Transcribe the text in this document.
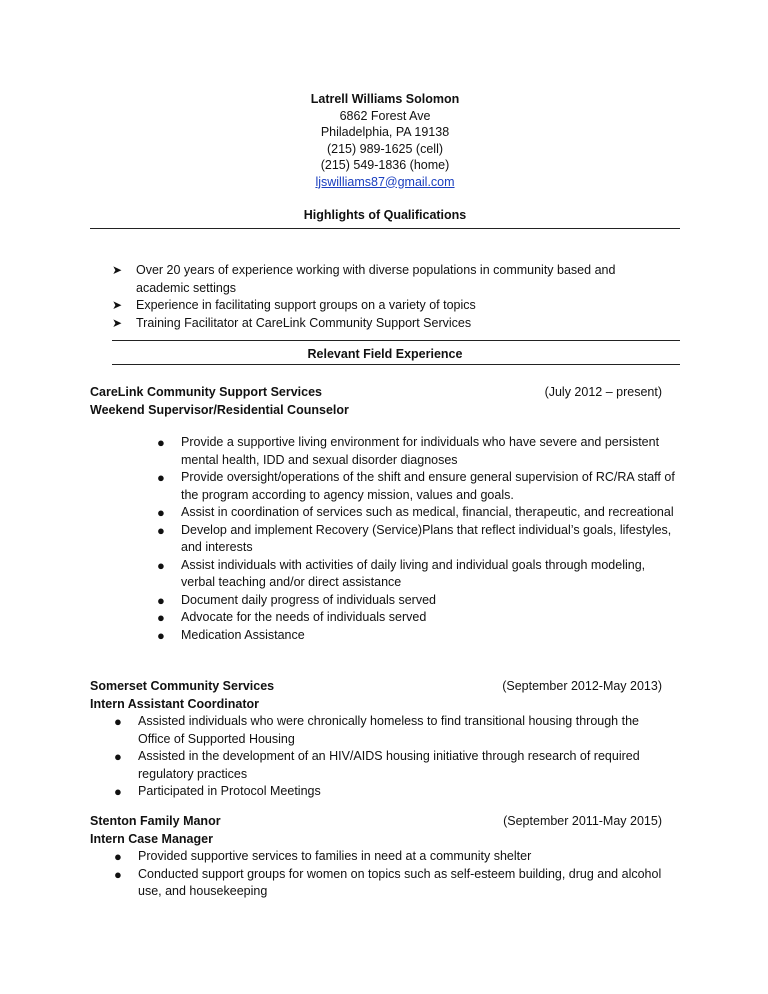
Latrell Williams Solomon
6862 Forest Ave
Philadelphia, PA 19138
(215) 989-1625 (cell)
(215) 549-1836 (home)
ljswilliams87@gmail.com
Highlights of Qualifications
➤ Over 20 years of experience working with diverse populations in community based and academic settings
➤ Experience in facilitating support groups on a variety of topics
➤ Training Facilitator at CareLink Community Support Services
Relevant Field Experience
CareLink Community Support Services	(July 2012 – present)
Weekend Supervisor/Residential Counselor
● Provide a supportive living environment for individuals who have severe and persistent mental health, IDD and sexual disorder diagnoses
● Provide oversight/operations of the shift and ensure general supervision of RC/RA staff of the program according to agency mission, values and goals.
● Assist in coordination of services such as medical, financial, therapeutic, and recreational
● Develop and implement Recovery (Service)Plans that reflect individual’s goals, lifestyles, and interests
● Assist individuals with activities of daily living and individual goals through modeling, verbal teaching and/or direct assistance
● Document daily progress of individuals served
● Advocate for the needs of individuals served
● Medication Assistance
Somerset Community Services	(September 2012-May 2013)
Intern Assistant Coordinator
● Assisted individuals who were chronically homeless to find transitional housing through the Office of Supported Housing
● Assisted in the development of an HIV/AIDS housing initiative through research of required regulatory practices
● Participated in Protocol Meetings
Stenton Family Manor	(September 2011-May 2015)
Intern Case Manager
● Provided supportive services to families in need at a community shelter
● Conducted support groups for women on topics such as self-esteem building, drug and alcohol use, and housekeeping
